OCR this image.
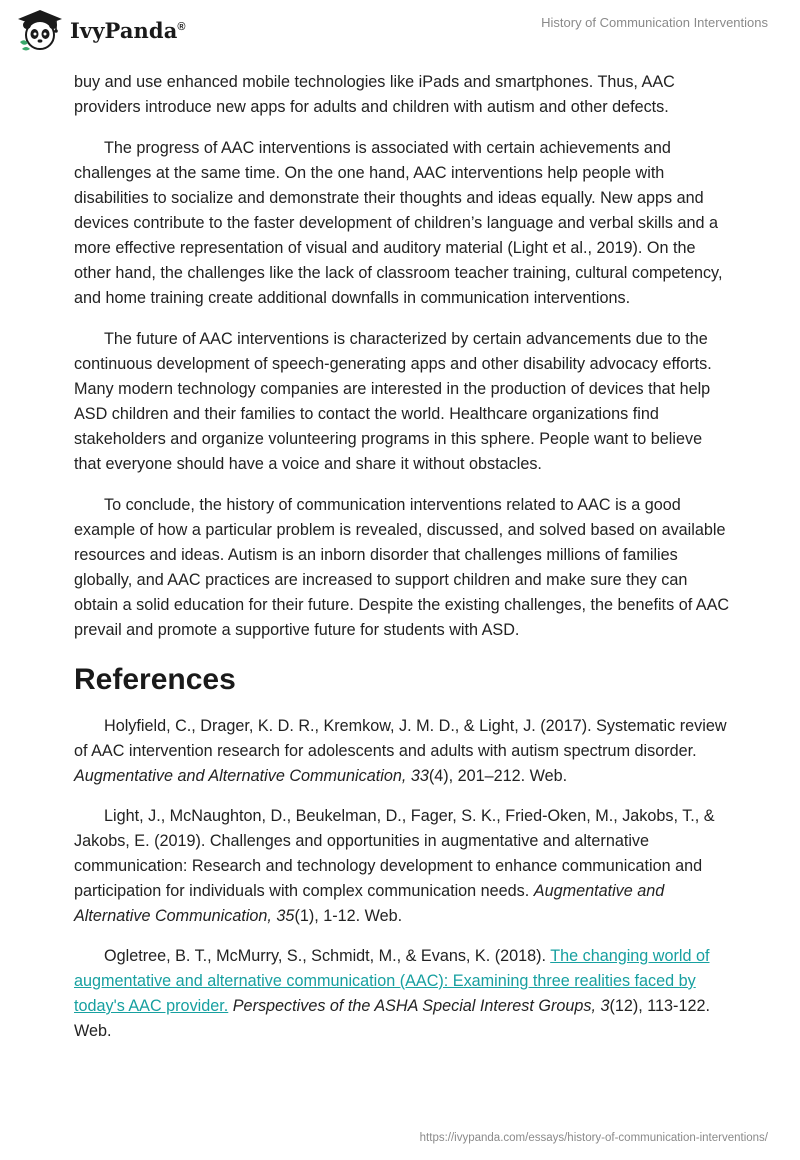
IvyPanda®	History of Communication Interventions

buy and use enhanced mobile technologies like iPads and smartphones. Thus, AAC providers introduce new apps for adults and children with autism and other defects.

The progress of AAC interventions is associated with certain achievements and challenges at the same time. On the one hand, AAC interventions help people with disabilities to socialize and demonstrate their thoughts and ideas equally. New apps and devices contribute to the faster development of children’s language and verbal skills and a more effective representation of visual and auditory material (Light et al., 2019). On the other hand, the challenges like the lack of classroom teacher training, cultural competency, and home training create additional downfalls in communication interventions.

The future of AAC interventions is characterized by certain advancements due to the continuous development of speech-generating apps and other disability advocacy efforts. Many modern technology companies are interested in the production of devices that help ASD children and their families to contact the world. Healthcare organizations find stakeholders and organize volunteering programs in this sphere. People want to believe that everyone should have a voice and share it without obstacles.

To conclude, the history of communication interventions related to AAC is a good example of how a particular problem is revealed, discussed, and solved based on available resources and ideas. Autism is an inborn disorder that challenges millions of families globally, and AAC practices are increased to support children and make sure they can obtain a solid education for their future. Despite the existing challenges, the benefits of AAC prevail and promote a supportive future for students with ASD.

References

Holyfield, C., Drager, K. D. R., Kremkow, J. M. D., & Light, J. (2017). Systematic review of AAC intervention research for adolescents and adults with autism spectrum disorder. Augmentative and Alternative Communication, 33(4), 201–212. Web.

Light, J., McNaughton, D., Beukelman, D., Fager, S. K., Fried-Oken, M., Jakobs, T., & Jakobs, E. (2019). Challenges and opportunities in augmentative and alternative communication: Research and technology development to enhance communication and participation for individuals with complex communication needs. Augmentative and Alternative Communication, 35(1), 1-12. Web.

Ogletree, B. T., McMurry, S., Schmidt, M., & Evans, K. (2018). The changing world of augmentative and alternative communication (AAC): Examining three realities faced by today's AAC provider. Perspectives of the ASHA Special Interest Groups, 3(12), 113-122. Web.

https://ivypanda.com/essays/history-of-communication-interventions/
